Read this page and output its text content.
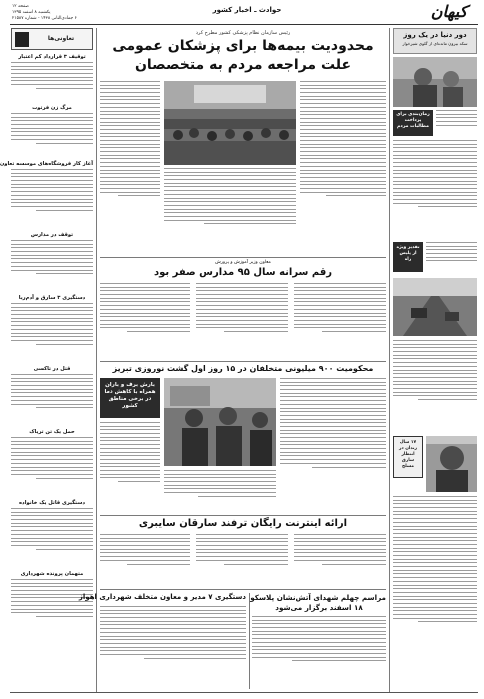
صفحه ۱۲
یکشنبه ۸ اسفند ۱۳۹۵
۶ جمادی‌الثانی ۱۴۳۸ - شماره ۲۱۵۸۷
حوادث ـ اخبار کشور	کیهان
تعاونی‌ها
توقیف ۳ قرارداد کم اعتبار
مرگ زن فرتوت
آغاز کار فروشگاه‌های موسسه تعاون
توقف در مدارس
دستگیری ۳ سارق و آدم‌ربا
قتل در تاکسی
حمل یک تن تریاک
دستگیری قاتل یک خانواده
متهمان پرونده شهرداری
دور دنیا در یک روز
سکه بیرون مانده‌ای از گلوی شیرخوار
زمان‌بندی برای پرداخت مطالبات مردم
تقدیر ویژه از پلیس راه
۱۷ سال زندان در انتظار سارق مسلح
رئیس سازمان نظام پزشکی کشور مطرح کرد
محدودیت بیمه‌ها برای پزشکان عمومی
علت مراجعه مردم به متخصصان
معاون وزیر آموزش و پرورش
رقم سرانه سال ۹۵ مدارس صفر بود
محکومیت ۹۰۰ میلیونی متخلفان در ۱۵ روز اول گشت نوروزی تبریز
بارش برف و باران همراه با کاهش دما در برخی مناطق کشور
ارائه اینترنت رایگان ترفند سارقان سایبری
دستگیری ۷ مدیر و معاون متخلف شهرداری اهواز مراسم چهلم شهدای آتش‌نشان پلاسکو
۱۸ اسفند برگزار می‌شود
